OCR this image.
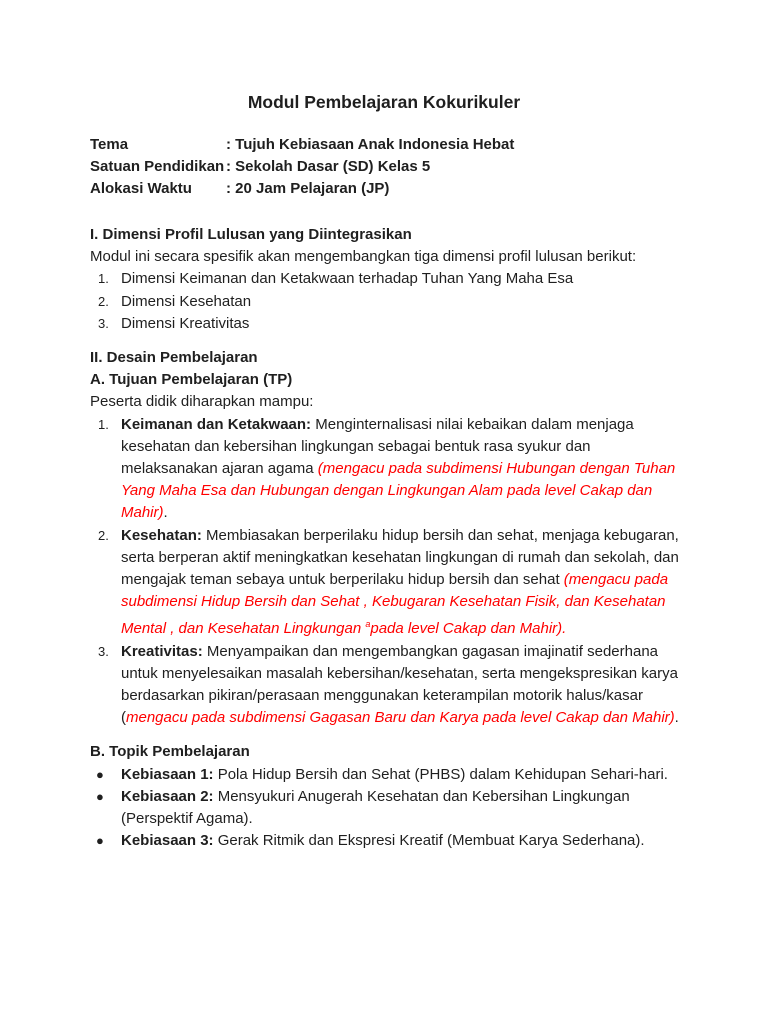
Modul Pembelajaran Kokurikuler
Tema	: Tujuh Kebiasaan Anak Indonesia Hebat
Satuan Pendidikan : Sekolah Dasar (SD) Kelas 5
Alokasi Waktu : 20 Jam Pelajaran (JP)

I. Dimensi Profil Lulusan yang Diintegrasikan

Modul ini secara spesifik akan mengembangkan tiga dimensi profil lulusan berikut:

1. Dimensi Keimanan dan Ketakwaan terhadap Tuhan Yang Maha Esa
2. Dimensi Kesehatan
3. Dimensi Kreativitas

II. Desain Pembelajaran

A. Tujuan Pembelajaran (TP)

Peserta didik diharapkan mampu:

1. Keimanan dan Ketakwaan: Menginternalisasi nilai kebaikan dalam menjaga kesehatan dan kebersihan lingkungan sebagai bentuk rasa syukur dan melaksanakan ajaran agama (mengacu pada subdimensi Hubungan dengan Tuhan Yang Maha Esa dan Hubungan dengan Lingkungan Alam pada level Cakap dan Mahir).
2. Kesehatan: Membiasakan berperilaku hidup bersih dan sehat, menjaga kebugaran, serta berperan aktif meningkatkan kesehatan lingkungan di rumah dan sekolah, dan mengajak teman sebaya untuk berperilaku hidup bersih dan sehat (mengacu pada subdimensi Hidup Bersih dan Sehat , Kebugaran Kesehatan Fisik, dan Kesehatan Mental , dan Kesehatan Lingkungan $^a$pada level Cakap dan Mahir).
3. Kreativitas: Menyampaikan dan mengembangkan gagasan imajinatif sederhana untuk menyelesaikan masalah kebersihan/kesehatan, serta mengekspresikan karya berdasarkan pikiran/perasaan menggunakan keterampilan motorik halus/kasar (mengacu pada subdimensi Gagasan Baru dan Karya pada level Cakap dan Mahir).

B. Topik Pembelajaran

● Kebiasaan 1: Pola Hidup Bersih dan Sehat (PHBS) dalam Kehidupan Sehari-hari.
● Kebiasaan 2: Mensyukuri Anugerah Kesehatan dan Kebersihan Lingkungan (Perspektif Agama).
● Kebiasaan 3: Gerak Ritmik dan Ekspresi Kreatif (Membuat Karya Sederhana).
